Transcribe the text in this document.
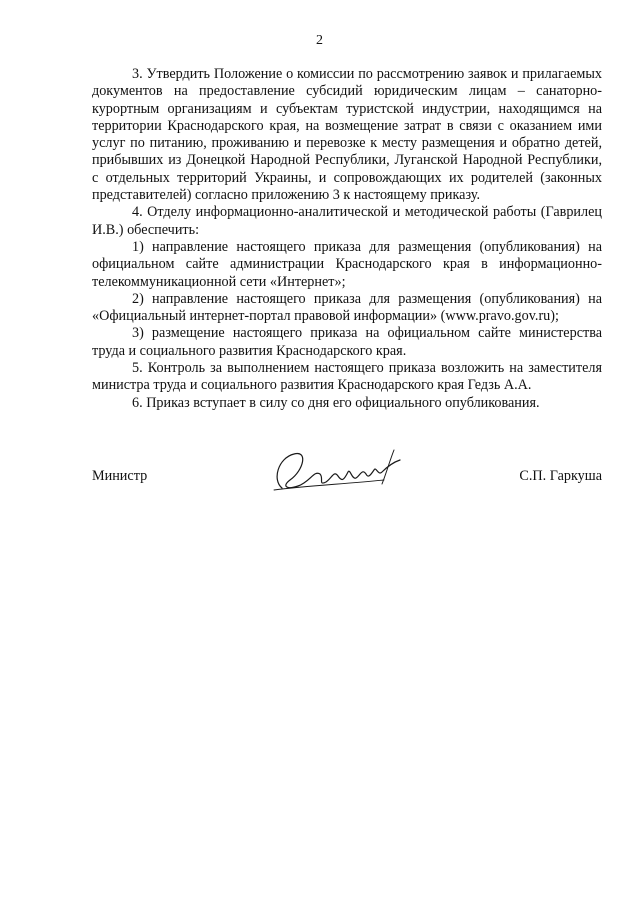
2

3. Утвердить Положение о комиссии по рассмотрению заявок и прилагаемых документов на предоставление субсидий юридическим лицам – санаторно-курортным организациям и субъектам туристской индустрии, находящимся на территории Краснодарского края, на возмещение затрат в связи с оказанием ими услуг по питанию, проживанию и перевозке к месту размещения и обратно детей, прибывших из Донецкой Народной Республики, Луганской Народной Республики, с отдельных территорий Украины, и сопровождающих их родителей (законных представителей) согласно приложению 3 к настоящему приказу.

4. Отделу информационно-аналитической и методической работы (Гаврилец И.В.) обеспечить:

1) направление настоящего приказа для размещения (опубликования) на официальном сайте администрации Краснодарского края в информационно-телекоммуникационной сети «Интернет»;

2) направление настоящего приказа для размещения (опубликования) на «Официальный интернет-портал правовой информации» (www.pravo.gov.ru);

3) размещение настоящего приказа на официальном сайте министерства труда и социального развития Краснодарского края.

5. Контроль за выполнением настоящего приказа возложить на заместителя министра труда и социального развития Краснодарского края Гедзь А.А.

6. Приказ вступает в силу со дня его официального опубликования.

Министр	С.П. Гаркуша
